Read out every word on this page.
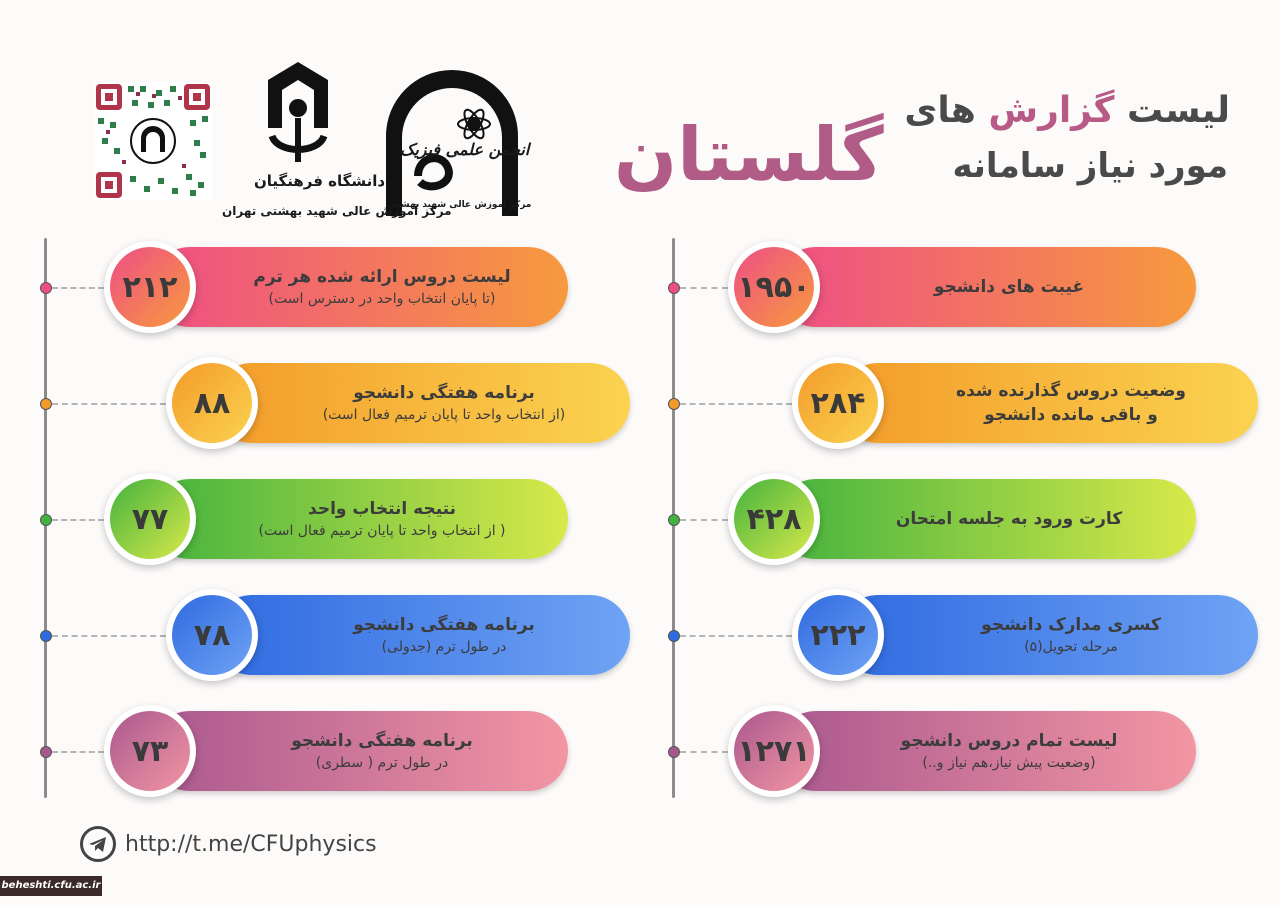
لیست گزارش های
مورد نیاز سامانه
گلستان
انجمن علمی فیزیک
مرکز آموزش عالی شهید بهشتی
دانشگاه فرهنگیان
مرکز آموزش عالی شهید بهشتی تهران
http://t.me/CFUphysics
beheshti.cfu.ac.ir
لیست دروس ارائه شده هر ترم
(تا پایان انتخاب واحد در دسترس است)
۲۱۲
برنامه هفتگی دانشجو
(از انتخاب واحد تا پایان ترمیم فعال است)
۸۸
نتیجه انتخاب واحد
( از انتخاب واحد تا پایان ترمیم فعال است)
۷۷
برنامه هفتگی دانشجو
در طول ترم (جدولی)
۷۸
برنامه هفتگی دانشجو
در طول ترم ( سطری)
۷۳
غیبت های دانشجو
۱۹۵۰
وضعیت دروس گذارنده شده
و باقی مانده دانشجو
۲۸۴
کارت ورود به جلسه امتحان
۴۲۸
کسری مدارک دانشجو
مرحله تحویل(۵)
۲۲۲
لیست تمام دروس دانشجو
(وضعیت پیش نیاز،هم نیاز و..)
۱۲۷۱
